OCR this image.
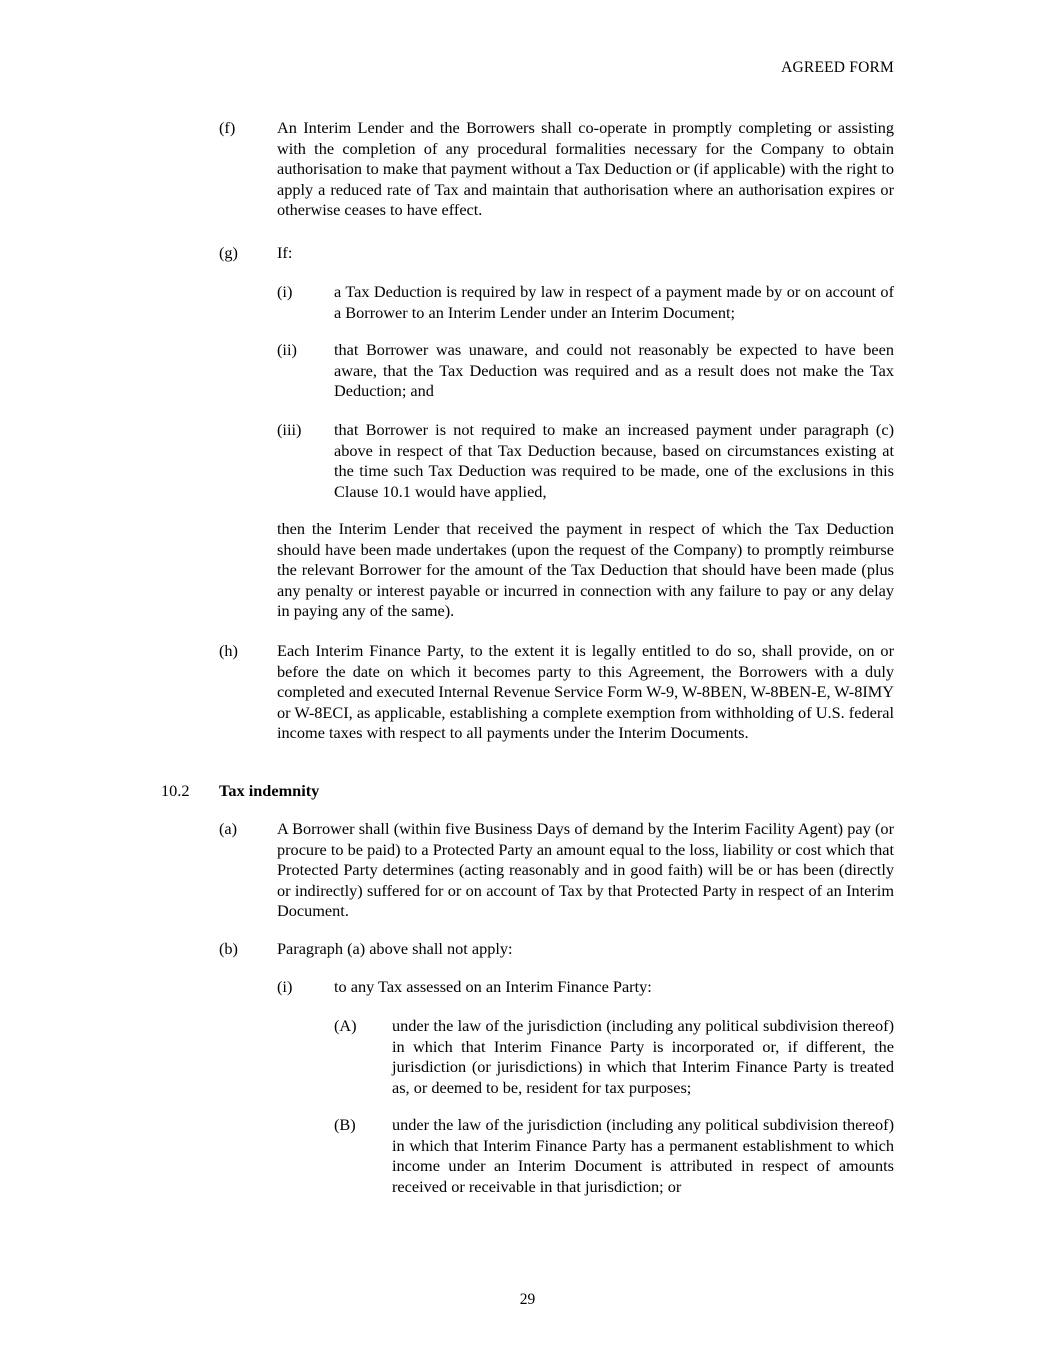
AGREED FORM
(f)	An Interim Lender and the Borrowers shall co-operate in promptly completing or assisting with the completion of any procedural formalities necessary for the Company to obtain authorisation to make that payment without a Tax Deduction or (if applicable) with the right to apply a reduced rate of Tax and maintain that authorisation where an authorisation expires or otherwise ceases to have effect.
(g) If:
(i)	a Tax Deduction is required by law in respect of a payment made by or on account of a Borrower to an Interim Lender under an Interim Document;
(ii) that Borrower was unaware, and could not reasonably be expected to have been aware, that the Tax Deduction was required and as a result does not make the Tax Deduction; and
(iii) that Borrower is not required to make an increased payment under paragraph (c) above in respect of that Tax Deduction because, based on circumstances existing at the time such Tax Deduction was required to be made, one of the exclusions in this Clause 10.1 would have applied,
then the Interim Lender that received the payment in respect of which the Tax Deduction should have been made undertakes (upon the request of the Company) to promptly reimburse the relevant Borrower for the amount of the Tax Deduction that should have been made (plus any penalty or interest payable or incurred in connection with any failure to pay or any delay in paying any of the same).
(h) Each Interim Finance Party, to the extent it is legally entitled to do so, shall provide, on or before the date on which it becomes party to this Agreement, the Borrowers with a duly completed and executed Internal Revenue Service Form W-9, W-8BEN, W-8BEN-E, W-8IMY or W-8ECI, as applicable, establishing a complete exemption from withholding of U.S. federal income taxes with respect to all payments under the Interim Documents.
10.2 Tax indemnity
(a) A Borrower shall (within five Business Days of demand by the Interim Facility Agent) pay (or procure to be paid) to a Protected Party an amount equal to the loss, liability or cost which that Protected Party determines (acting reasonably and in good faith) will be or has been (directly or indirectly) suffered for or on account of Tax by that Protected Party in respect of an Interim Document.
(b) Paragraph (a) above shall not apply:
(i)	to any Tax assessed on an Interim Finance Party:
(A) under the law of the jurisdiction (including any political subdivision thereof) in which that Interim Finance Party is incorporated or, if different, the jurisdiction (or jurisdictions) in which that Interim Finance Party is treated as, or deemed to be, resident for tax purposes;
(B) under the law of the jurisdiction (including any political subdivision thereof) in which that Interim Finance Party has a permanent establishment to which income under an Interim Document is attributed in respect of amounts received or receivable in that jurisdiction; or
29
